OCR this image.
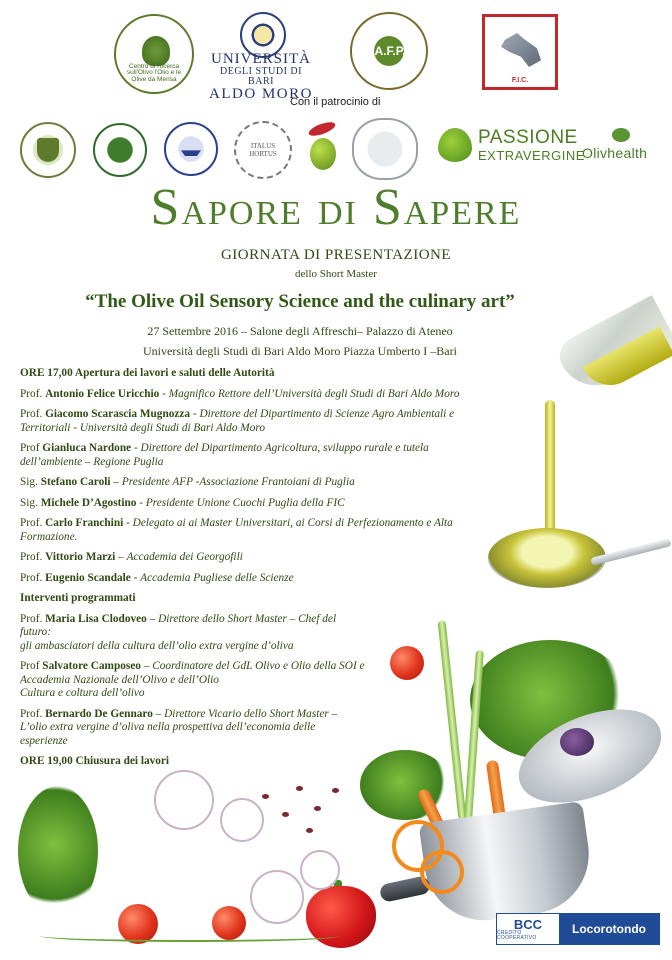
Centro di Ricerca sull'Olivo l'Olio e le Olive da Mensa
UNIVERSITÀ
DEGLI STUDI DI BARI
ALDO MORO
A.F.P.
F.I.C.
Con il patrocinio di
ITALUS HORTUS
PASSIONE
EXTRAVERGINE
Olivhealth
SAPORE DI SAPERE
GIORNATA DI PRESENTAZIONE
dello Short Master
“The Olive Oil Sensory Science and the culinary art”
27 Settembre 2016 – Salone degli Affreschi– Palazzo di Ateneo
Università degli Studi di Bari Aldo Moro Piazza Umberto I –Bari

ORE 17,00 Apertura dei lavori e saluti delle Autorità

Prof. Antonio Felice Uricchio - Magnifico Rettore dell’Università degli Studi di Bari Aldo Moro

Prof. Giacomo Scarascia Mugnozza - Direttore del Dipartimento di Scienze Agro Ambientali e Territoriali - Università degli Studi di Bari Aldo Moro

Prof Gianluca Nardone - Direttore del Dipartimento Agricoltura, sviluppo rurale e tutela dell’ambiente – Regione Puglia

Sig. Stefano Caroli – Presidente AFP -Associazione Frantoiani di Puglia

Sig. Michele D’Agostino - Presidente Unione Cuochi Puglia della FIC

Prof. Carlo Franchini - Delegato ai ai Master Universitari, ai Corsi di Perfezionamento e Alta Formazione.

Prof. Vittorio Marzi – Accademia dei Georgofili

Prof. Eugenio Scandale - Accademia Pugliese delle Scienze

Interventi programmati

Prof. Maria Lisa Clodoveo – Direttore dello Short Master – Chef del futuro:
gli ambasciatori della cultura dell’olio extra vergine d’oliva

Prof Salvatore Camposeo – Coordinatore del GdL Olivo e Olio della SOI e Accademia Nazionale dell’Olivo e dell’Olio
Cultura e coltura dell’olivo

Prof. Bernardo De Gennaro – Direttore Vicario dello Short Master –
L’olio extra vergine d’oliva nella prospettiva dell’economia delle esperienze

ORE 19,00 Chiusura dei lavori

BCC
CREDITO COOPERATIVO
Locorotondo
